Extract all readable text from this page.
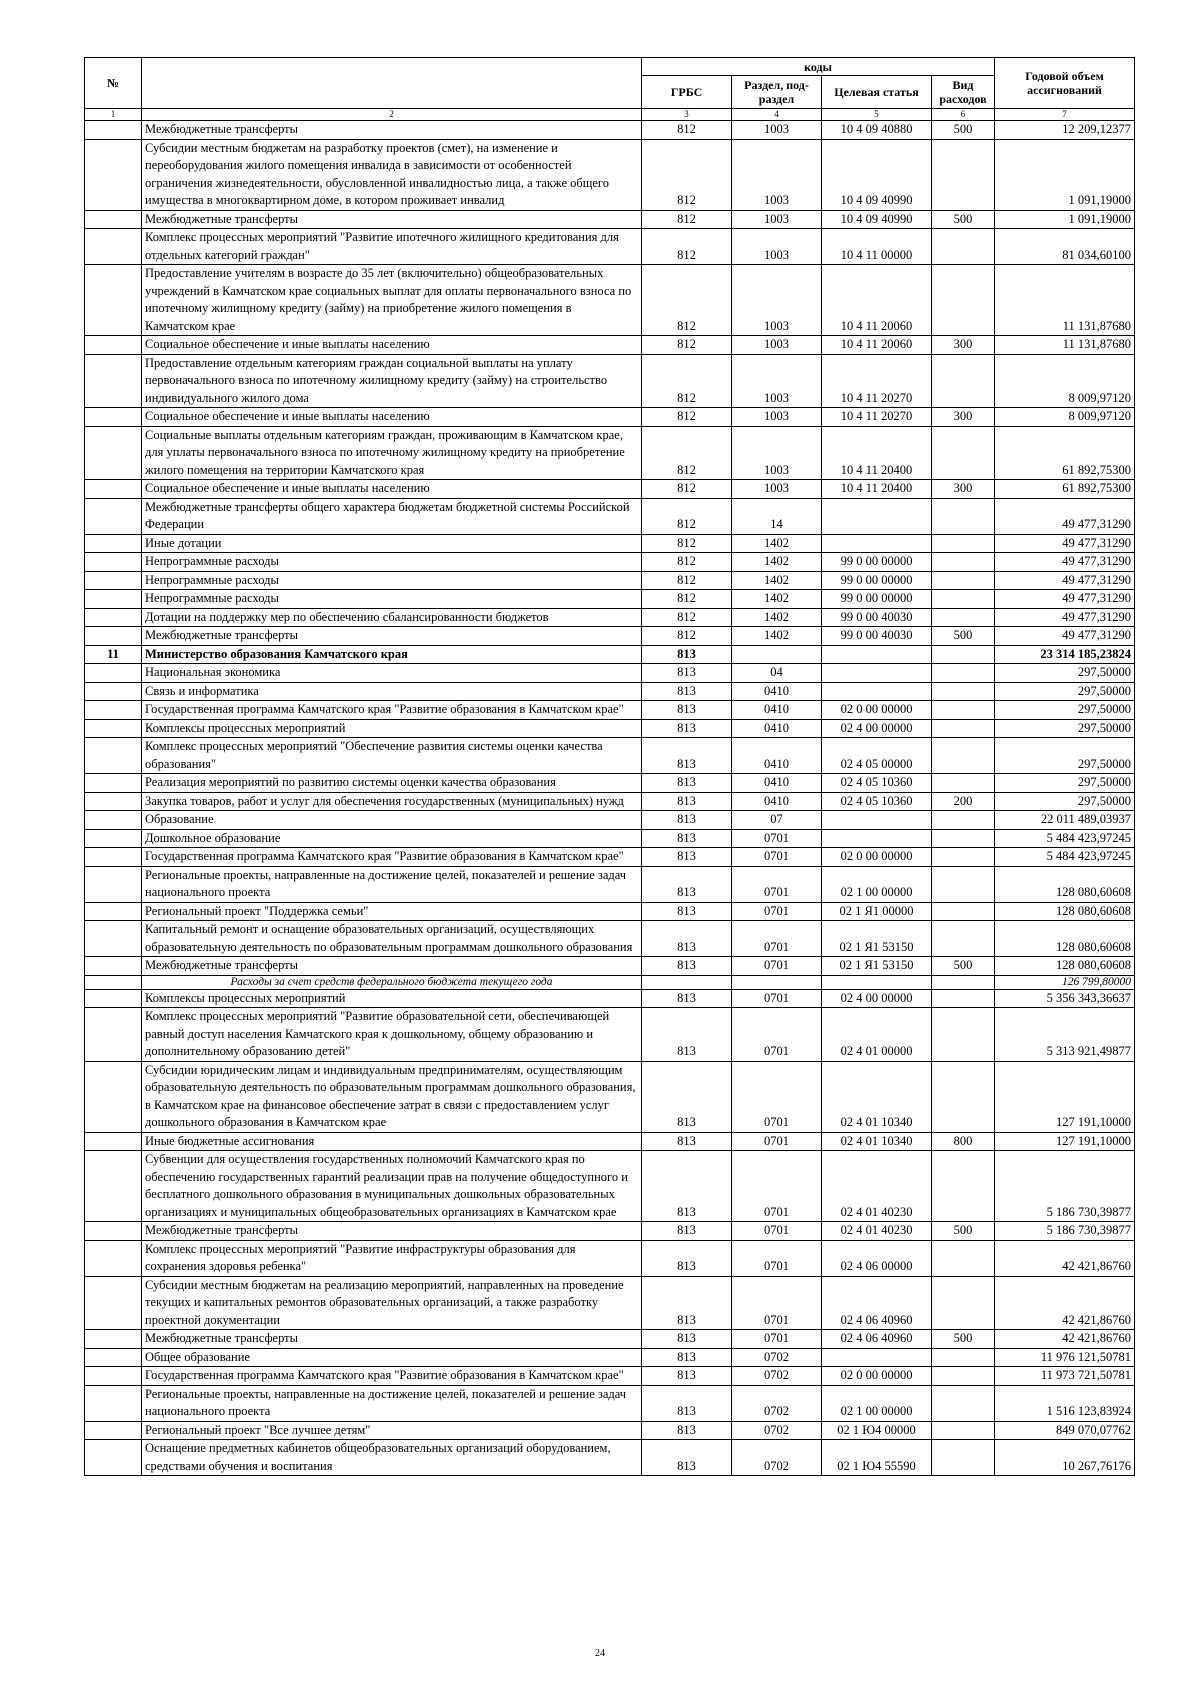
№		коды				Годовой объем ассигнований
		ГРБС	Раздел, под-раздел	Целевая статья	Вид расходов	
1	2	3	4	5	6	7
	Межбюджетные трансферты	812	1003	10 4 09 40880	500	12 209,12377
	Субсидии местным бюджетам на разработку проектов (смет), на изменение и переоборудования жилого помещения инвалида в зависимости от особенностей ограничения жизнедеятельности, обусловленной инвалидностью лица, а также общего имущества в многоквартирном доме, в котором проживает инвалид	812	1003	10 4 09 40990		1 091,19000
	Межбюджетные трансферты	812	1003	10 4 09 40990	500	1 091,19000
	Комплекс процессных мероприятий "Развитие ипотечного жилищного кредитования для отдельных категорий граждан"	812	1003	10 4 11 00000		81 034,60100
	Предоставление учителям в возрасте до 35 лет (включительно) общеобразовательных учреждений в Камчатском крае социальных выплат для оплаты первоначального взноса по ипотечному жилищному кредиту (займу) на приобретение жилого помещения в Камчатском крае	812	1003	10 4 11 20060		11 131,87680
	Социальное обеспечение и иные выплаты населению	812	1003	10 4 11 20060	300	11 131,87680
	Предоставление отдельным категориям граждан социальной выплаты на уплату первоначального взноса по ипотечному жилищному кредиту (займу) на строительство индивидуального жилого дома	812	1003	10 4 11 20270		8 009,97120
	Социальное обеспечение и иные выплаты населению	812	1003	10 4 11 20270	300	8 009,97120
	Социальные выплаты отдельным категориям граждан, проживающим в Камчатском крае, для уплаты первоначального взноса по ипотечному жилищному кредиту на приобретение жилого помещения на территории Камчатского края	812	1003	10 4 11 20400		61 892,75300
	Социальное обеспечение и иные выплаты населению	812	1003	10 4 11 20400	300	61 892,75300
	Межбюджетные трансферты общего характера бюджетам бюджетной системы Российской Федерации	812	14			49 477,31290
	Иные дотации	812	1402			49 477,31290
	Непрограммные расходы	812	1402	99 0 00 00000		49 477,31290
	Непрограммные расходы	812	1402	99 0 00 00000		49 477,31290
	Непрограммные расходы	812	1402	99 0 00 00000		49 477,31290
	Дотации на поддержку мер по обеспечению сбалансированности бюджетов	812	1402	99 0 00 40030		49 477,31290
	Межбюджетные трансферты	812	1402	99 0 00 40030	500	49 477,31290
11	Министерство образования Камчатского края	813				23 314 185,23824
	Национальная экономика	813	04			297,50000
	Связь и информатика	813	0410			297,50000
	Государственная программа Камчатского края "Развитие образования в Камчатском крае"	813	0410	02 0 00 00000		297,50000
	Комплексы процессных мероприятий	813	0410	02 4 00 00000		297,50000
	Комплекс процессных мероприятий "Обеспечение развития системы оценки качества образования"	813	0410	02 4 05 00000		297,50000
	Реализация мероприятий по развитию системы оценки качества образования	813	0410	02 4 05 10360		297,50000
	Закупка товаров, работ и услуг для обеспечения государственных (муниципальных) нужд	813	0410	02 4 05 10360	200	297,50000
	Образование	813	07			22 011 489,03937
	Дошкольное образование	813	0701			5 484 423,97245
	Государственная программа Камчатского края "Развитие образования в Камчатском крае"	813	0701	02 0 00 00000		5 484 423,97245
	Региональные проекты, направленные на достижение целей, показателей и решение задач национального проекта	813	0701	02 1 00 00000		128 080,60608
	Региональный проект "Поддержка семьи"	813	0701	02 1 Я1 00000		128 080,60608
	Капитальный ремонт и оснащение образовательных организаций, осуществляющих образовательную деятельность по образовательным программам дошкольного образования	813	0701	02 1 Я1 53150		128 080,60608
	Межбюджетные трансферты	813	0701	02 1 Я1 53150	500	128 080,60608
	Расходы за счет средств федерального бюджета текущего года					126 799,80000
	Комплексы процессных мероприятий	813	0701	02 4 00 00000		5 356 343,36637
	Комплекс процессных мероприятий "Развитие образовательной сети, обеспечивающей равный доступ населения Камчатского края к дошкольному, общему образованию и дополнительному образованию детей"	813	0701	02 4 01 00000		5 313 921,49877
	Субсидии юридическим лицам и индивидуальным предпринимателям, осуществляющим образовательную деятельность по образовательным программам дошкольного образования, в Камчатском крае на финансовое обеспечение затрат в связи с предоставлением услуг дошкольного образования в Камчатском крае	813	0701	02 4 01 10340		127 191,10000
	Иные бюджетные ассигнования	813	0701	02 4 01 10340	800	127 191,10000
	Субвенции для осуществления государственных полномочий Камчатского края по обеспечению государственных гарантий реализации прав на получение общедоступного и бесплатного дошкольного образования в муниципальных дошкольных образовательных организациях и муниципальных общеобразовательных организациях в Камчатском крае	813	0701	02 4 01 40230		5 186 730,39877
	Межбюджетные трансферты	813	0701	02 4 01 40230	500	5 186 730,39877
	Комплекс процессных мероприятий "Развитие инфраструктуры образования для сохранения здоровья ребенка"	813	0701	02 4 06 00000		42 421,86760
	Субсидии местным бюджетам на реализацию мероприятий, направленных на проведение текущих и капитальных ремонтов образовательных организаций, а также разработку проектной документации	813	0701	02 4 06 40960		42 421,86760
	Межбюджетные трансферты	813	0701	02 4 06 40960	500	42 421,86760
	Общее образование	813	0702			11 976 121,50781
	Государственная программа Камчатского края "Развитие образования в Камчатском крае"	813	0702	02 0 00 00000		11 973 721,50781
	Региональные проекты, направленные на достижение целей, показателей и решение задач национального проекта	813	0702	02 1 00 00000		1 516 123,83924
	Региональный проект "Все лучшее детям"	813	0702	02 1 Ю4 00000		849 070,07762
	Оснащение предметных кабинетов общеобразовательных организаций оборудованием, средствами обучения и воспитания	813	0702	02 1 Ю4 55590		10 267,76176
24
